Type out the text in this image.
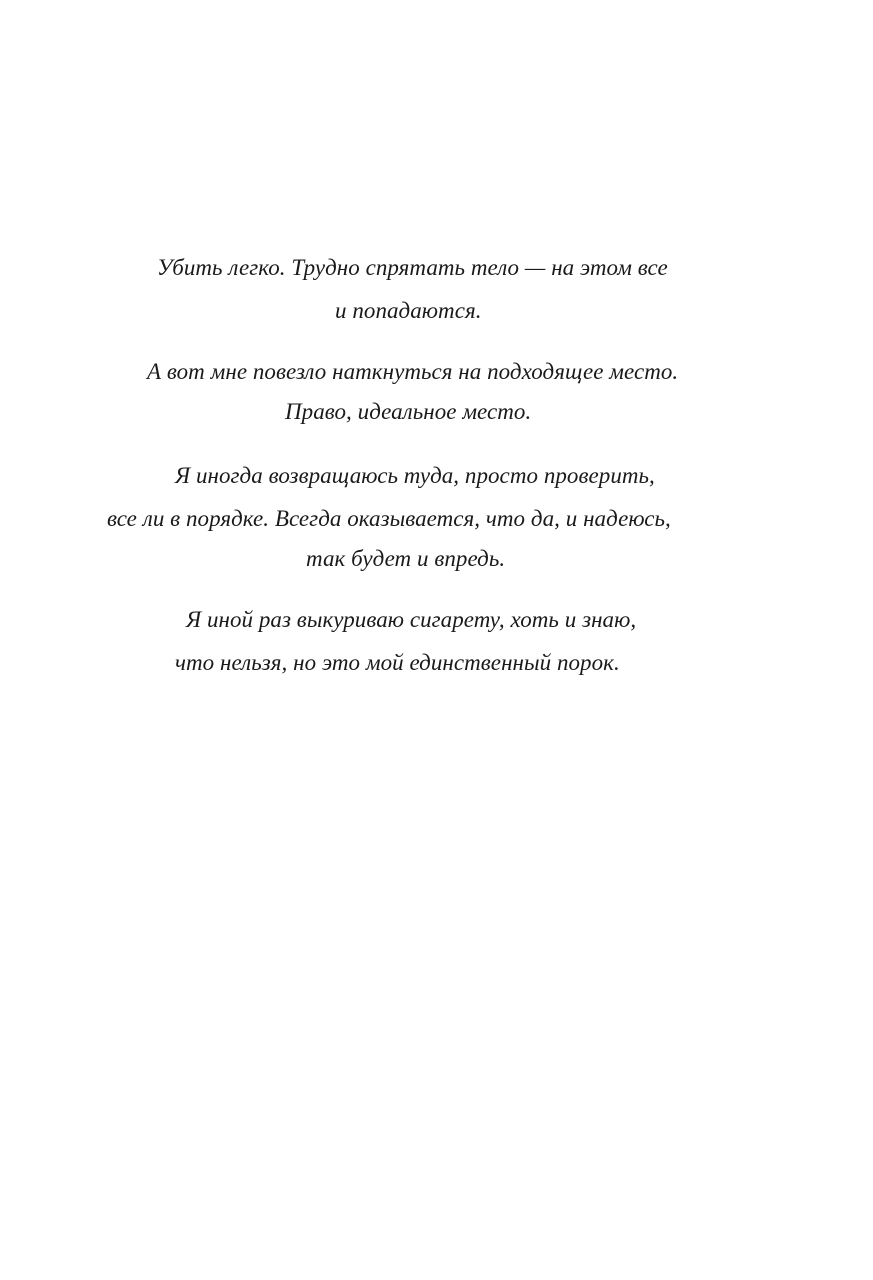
Убить легко. Трудно спрятать тело — на этом все
и попадаются.
А вот мне повезло наткнуться на подходящее место.
Право, идеальное место.
Я иногда возвращаюсь туда, просто проверить,
все ли в порядке. Всегда оказывается, что да, и надеюсь,
так будет и впредь.
Я иной раз выкуриваю сигарету, хоть и знаю,
что нельзя, но это мой единственный порок.
